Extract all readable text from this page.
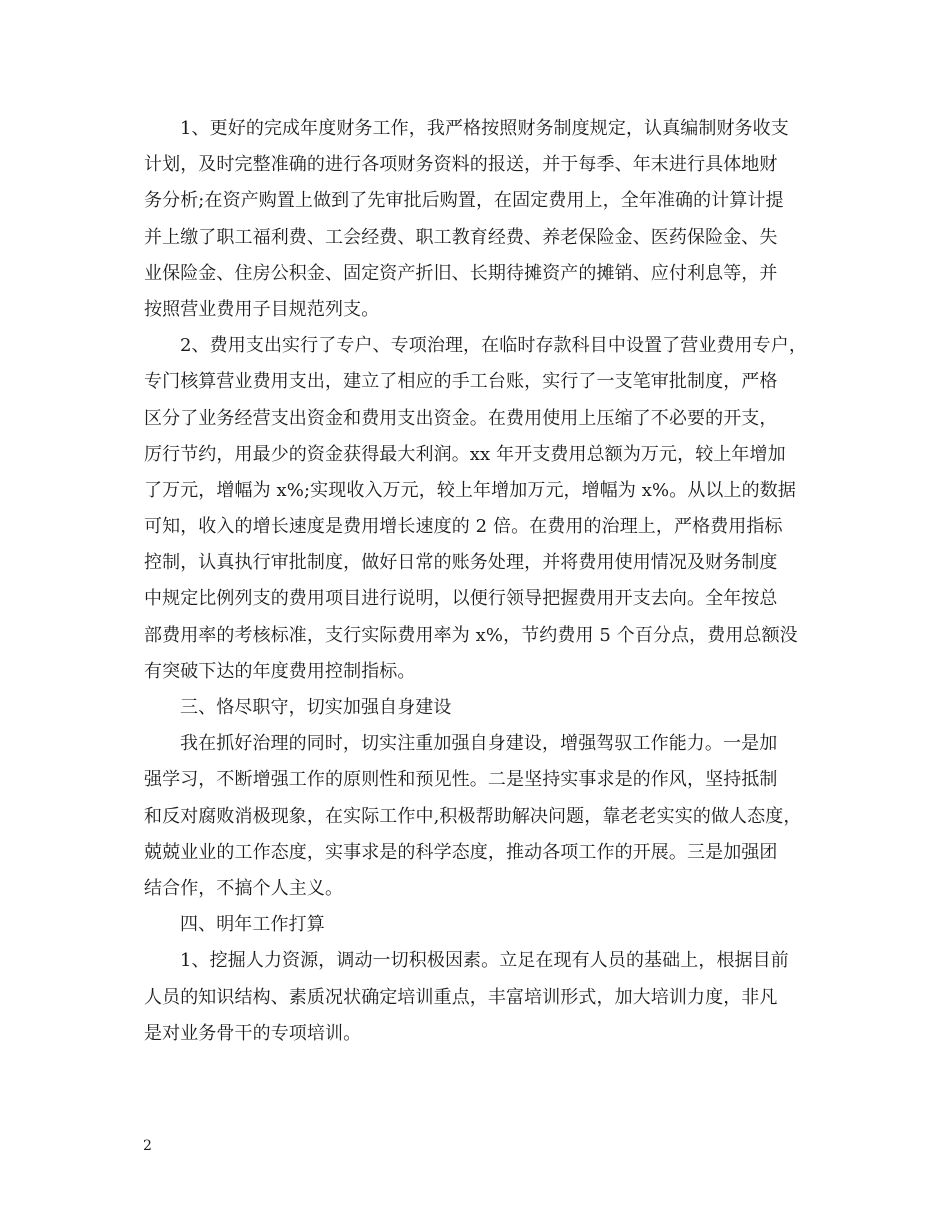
1、更好的完成年度财务工作，我严格按照财务制度规定，认真编制财务收支
计划，及时完整准确的进行各项财务资料的报送，并于每季、年末进行具体地财
务分析;在资产购置上做到了先审批后购置，在固定费用上，全年准确的计算计提
并上缴了职工福利费、工会经费、职工教育经费、养老保险金、医药保险金、失
业保险金、住房公积金、固定资产折旧、长期待摊资产的摊销、应付利息等，并
按照营业费用子目规范列支。
2、费用支出实行了专户、专项治理，在临时存款科目中设置了营业费用专户，
专门核算营业费用支出，建立了相应的手工台账，实行了一支笔审批制度，严格
区分了业务经营支出资金和费用支出资金。在费用使用上压缩了不必要的开支，
厉行节约，用最少的资金获得最大利润。xx 年开支费用总额为万元，较上年增加
了万元，增幅为 x%;实现收入万元，较上年增加万元，增幅为 x%。从以上的数据
可知，收入的增长速度是费用增长速度的 2 倍。在费用的治理上，严格费用指标
控制，认真执行审批制度，做好日常的账务处理，并将费用使用情况及财务制度
中规定比例列支的费用项目进行说明，以便行领导把握费用开支去向。全年按总
部费用率的考核标准，支行实际费用率为 x%，节约费用 5 个百分点，费用总额没
有突破下达的年度费用控制指标。
三、恪尽职守，切实加强自身建设
我在抓好治理的同时，切实注重加强自身建设，增强驾驭工作能力。一是加
强学习，不断增强工作的原则性和预见性。二是坚持实事求是的作风，坚持抵制
和反对腐败消极现象，在实际工作中,积极帮助解决问题，靠老老实实的做人态度，
兢兢业业的工作态度，实事求是的科学态度，推动各项工作的开展。三是加强团
结合作，不搞个人主义。
四、明年工作打算
1、挖掘人力资源，调动一切积极因素。立足在现有人员的基础上，根据目前
人员的知识结构、素质况状确定培训重点，丰富培训形式，加大培训力度，非凡
是对业务骨干的专项培训。
2
